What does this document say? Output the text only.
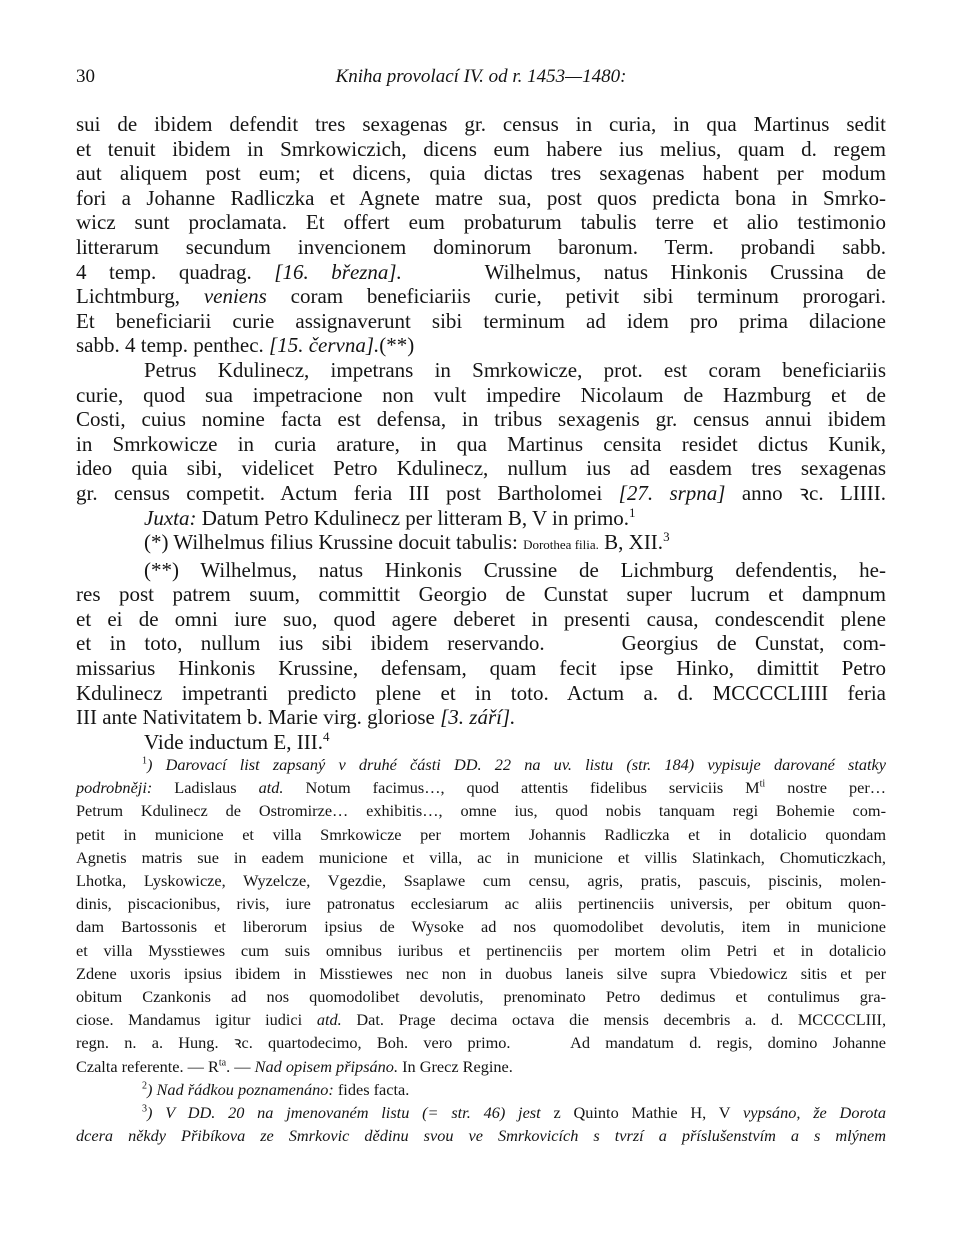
30	Kniha provolací IV. od r. 1453—1480:
sui de ibidem defendit tres sexagenas gr. census in curia, in qua Martinus sedit
et tenuit ibidem in Smrkowiczich, dicens eum habere ius melius, quam d. regem
aut aliquem post eum; et dicens, quia dictas tres sexagenas habent per modum
fori a Johanne Radliczka et Agnete matre sua, post quos predicta bona in Smrko-
wicz sunt proclamata. Et offert eum probaturum tabulis terre et alio testimonio
litterarum secundum invencionem dominorum baronum. Term. probandi sabb.
4 temp. quadrag. [16. března].	Wilhelmus, natus Hinkonis Crussina de
Lichtmburg, veniens coram beneficiariis curie, petivit sibi terminum prorogari.
Et beneficiarii curie assignaverunt sibi terminum ad idem pro prima dilacione
sabb. 4 temp. penthec. [15. června].(**)
Petrus Kdulinecz, impetrans in Smrkowicze, prot. est coram beneficiariis
curie, quod sua impetracione non vult impedire Nicolaum de Hazmburg et de
Costi, cuius nomine facta est defensa, in tribus sexagenis gr. census annui ibidem
in Smrkowicze in curia arature, in qua Martinus censita residet dictus Kunik,
ideo quia sibi, videlicet Petro Kdulinecz, nullum ius ad easdem tres sexagenas
gr. census competit. Actum feria III post Bartholomei [27. srpna] anno ꝛc. LIIII.
Juxta: Datum Petro Kdulinecz per litteram B, V in primo.$^1$
(*) Wilhelmus filius Krussine docuit tabulis: Dorothea filia. B, XII.$^3$
(**) Wilhelmus, natus Hinkonis Crussine de Lichmburg defendentis, he-
res post patrem suum, committit Georgio de Cunstat super lucrum et dampnum
et ei de omni iure suo, quod agere deberet in presenti causa, condescendit plene
et in toto, nullum ius sibi ibidem reservando.	Georgius de Cunstat, com-
missarius Hinkonis Krussine, defensam, quam fecit ipse Hinko, dimittit Petro
Kdulinecz impetranti predicto plene et in toto. Actum a. d. MCCCCLIIII feria
III ante Nativitatem b. Marie virg. gloriose [3. září].
Vide inductum E, III.$^4$
$^1$) Darovací list zapsaný v druhé části DD. 22 na uv. listu (str. 184) vypisuje darované statky
podrobněji: Ladislaus atd. Notum facimus…, quod attentis fidelibus serviciis $M^{ti}$ nostre per…
Petrum Kdulinecz de Ostromirze… exhibitis…, omne ius, quod nobis tanquam regi Bohemie com-
petit in municione et villa Smrkowicze per mortem Johannis Radliczka et in dotalicio quondam
Agnetis matris sue in eadem municione et villa, ac in municione et villis Slatinkach, Chomuticzkach,
Lhotka, Lyskowicze, Wyzelcze, Vgezdie, Ssaplawe cum censu, agris, pratis, pascuis, piscinis, molen-
dinis, piscacionibus, rivis, iure patronatus ecclesiarum ac aliis pertinenciis universis, per obitum quon-
dam Bartossonis et liberorum ipsius de Wysoke ad nos quomodolibet devolutis, item in municione
et villa Mysstiewes cum suis omnibus iuribus et pertinenciis per mortem olim Petri et in dotalicio
Zdene uxoris ipsius ibidem in Misstiewes nec non in duobus laneis silve supra Vbiedowicz sitis et per
obitum Czankonis ad nos quomodolibet devolutis, prenominato Petro dedimus et contulimus gra-
ciose. Mandamus igitur iudici atd. Dat. Prage decima octava die mensis decembris a. d. MCCCCLIII,
regn. n. a. Hung. ꝛc. quartodecimo, Boh. vero primo.	Ad mandatum d. regis, domino Johanne
Czalta referente. — $R^{ta}$. — Nad opisem připsáno. In Grecz Regine.
$^2$) Nad řádkou poznamenáno: fides facta.
$^3$) V DD. 20 na jmenovaném listu (= str. 46) jest z Quinto Mathie H, V vypsáno, že Dorota
dcera někdy Přibíkova ze Smrkovic dědinu svou ve Smrkovicích s tvrzí a příslušenstvím a s mlýnem
